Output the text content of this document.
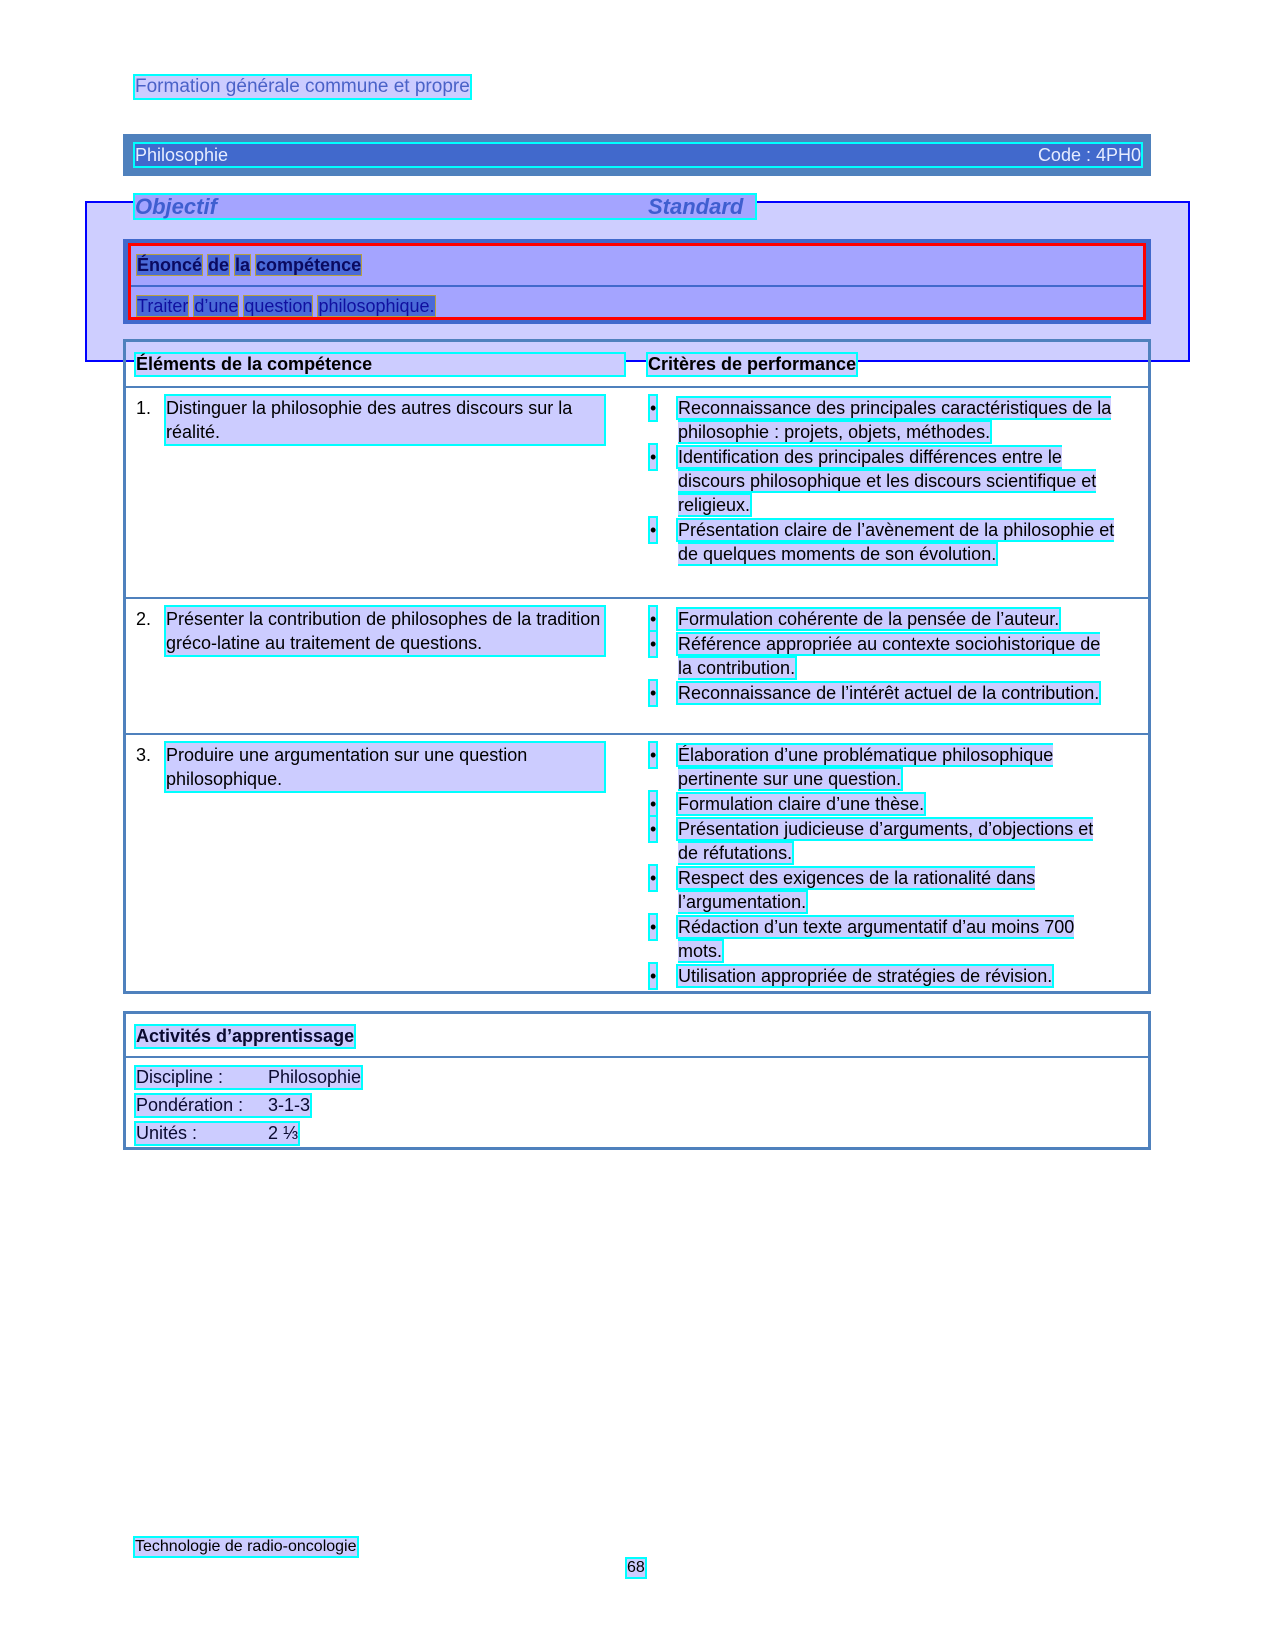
Formation générale commune et propre
Philosophie	Code : 4PH0
Objectif	Standard
Énoncé de la compétence
Traiter d’une question philosophique.
Éléments de la compétence	Critères de performance
1. Distinguer la philosophie des autres discours sur la réalité.
• Reconnaissance des principales caractéristiques de la philosophie : projets, objets, méthodes.
• Identification des principales différences entre le discours philosophique et les discours scientifique et religieux.
• Présentation claire de l’avènement de la philosophie et de quelques moments de son évolution.
2. Présenter la contribution de philosophes de la tradition gréco-latine au traitement de questions.
• Formulation cohérente de la pensée de l’auteur.
• Référence appropriée au contexte sociohistorique de la contribution.
• Reconnaissance de l’intérêt actuel de la contribution.
3. Produire une argumentation sur une question philosophique.
• Élaboration d’une problématique philosophique pertinente sur une question.
• Formulation claire d’une thèse.
• Présentation judicieuse d’arguments, d’objections et de réfutations.
• Respect des exigences de la rationalité dans l’argumentation.
• Rédaction d’un texte argumentatif d’au moins 700 mots.
• Utilisation appropriée de stratégies de révision.
Activités d’apprentissage
Discipline : Philosophie
Pondération : 3-1-3
Unités :	2 ⅓
Technologie de radio-oncologie
68
